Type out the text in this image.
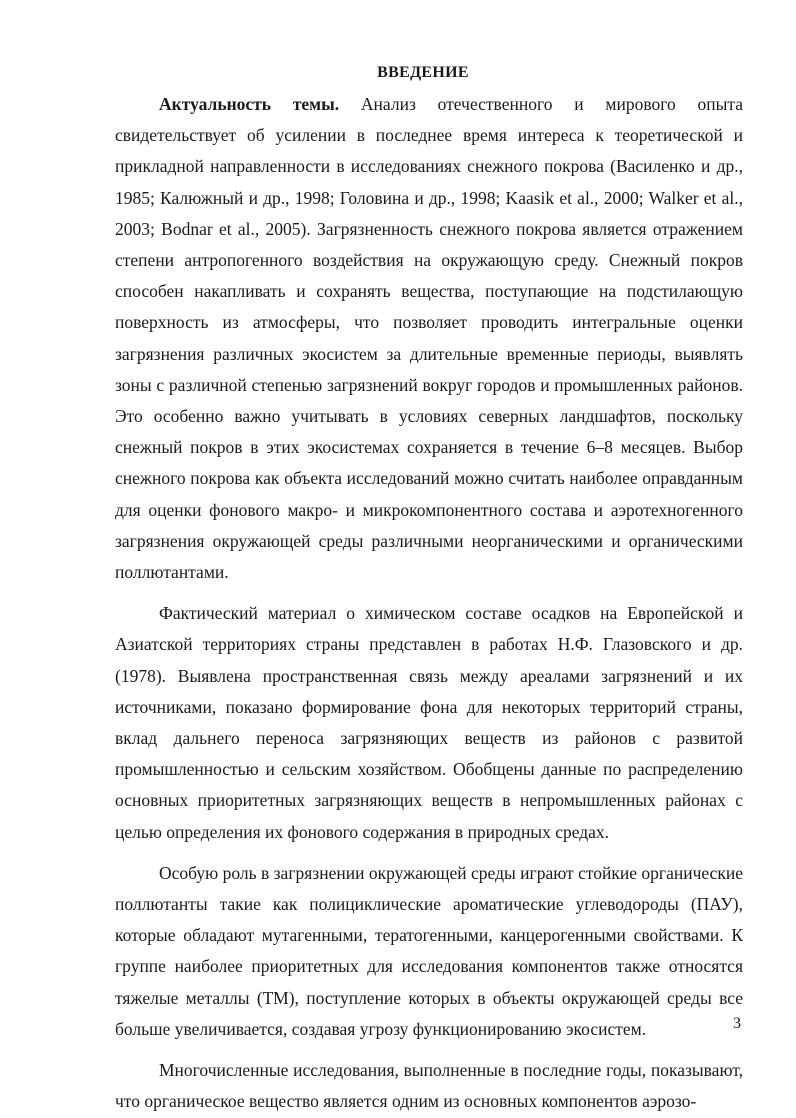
ВВЕДЕНИЕ

Актуальность темы. Анализ отечественного и мирового опыта свидетельствует об усилении в последнее время интереса к теоретической и прикладной направленности в исследованиях снежного покрова (Василенко и др., 1985; Калюжный и др., 1998; Головина и др., 1998; Kaasik et al., 2000; Walker et al., 2003; Bodnar et al., 2005). Загрязненность снежного покрова является отражением степени антропогенного воздействия на окружающую среду. Снежный покров способен накапливать и сохранять вещества, поступающие на подстилающую поверхность из атмосферы, что позволяет проводить интегральные оценки загрязнения различных экосистем за длительные временные периоды, выявлять зоны с различной степенью загрязнений вокруг городов и промышленных районов. Это особенно важно учитывать в условиях северных ландшафтов, поскольку снежный покров в этих экосистемах сохраняется в течение 6–8 месяцев. Выбор снежного покрова как объекта исследований можно считать наиболее оправданным для оценки фонового макро- и микрокомпонентного состава и аэротехногенного загрязнения окружающей среды различными неорганическими и органическими поллютантами.

Фактический материал о химическом составе осадков на Европейской и Азиатской территориях страны представлен в работах Н.Ф. Глазовского и др. (1978). Выявлена пространственная связь между ареалами загрязнений и их источниками, показано формирование фона для некоторых территорий страны, вклад дальнего переноса загрязняющих веществ из районов с развитой промышленностью и сельским хозяйством. Обобщены данные по распределению основных приоритетных загрязняющих веществ в непромышленных районах с целью определения их фонового содержания в природных средах.

Особую роль в загрязнении окружающей среды играют стойкие органические поллютанты такие как полициклические ароматические углеводороды (ПАУ), которые обладают мутагенными, тератогенными, канцерогенными свойствами. К группе наиболее приоритетных для исследования компонентов также относятся тяжелые металлы (ТМ), поступление которых в объекты окружающей среды все больше увеличивается, создавая угрозу функционированию экосистем.

Многочисленные исследования, выполненные в последние годы, показывают, что органическое вещество является одним из основных компонентов аэрозо-

3
